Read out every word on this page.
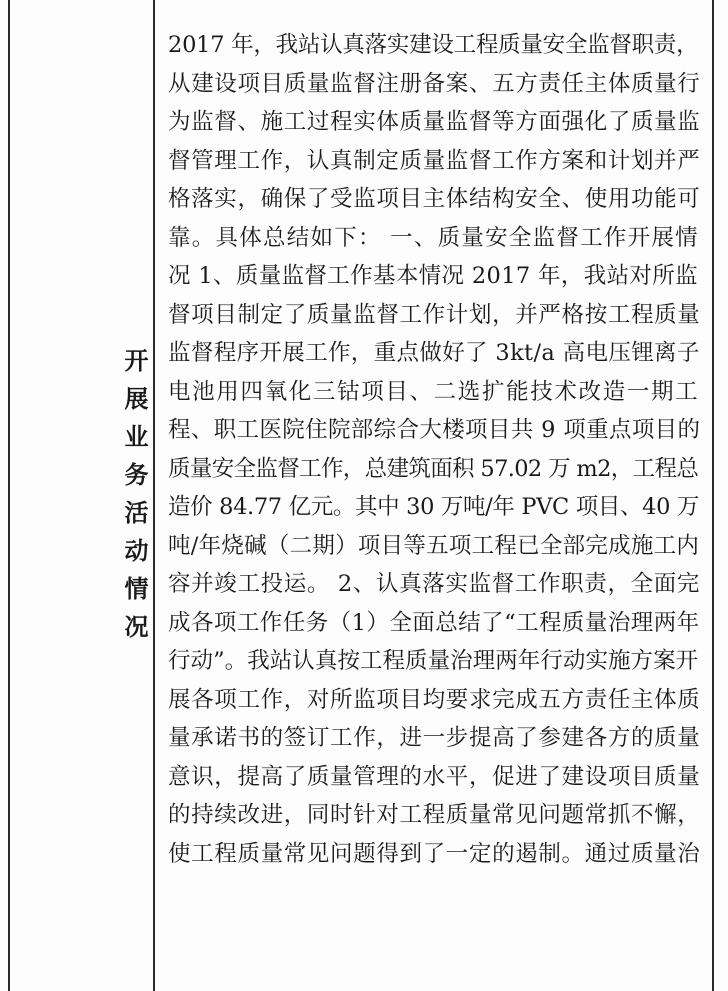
开展业务活动情况
2017 年，我站认真落实建设工程质量安全监督职责，
从建设项目质量监督注册备案、五方责任主体质量行
为监督、施工过程实体质量监督等方面强化了质量监
督管理工作，认真制定质量监督工作方案和计划并严
格落实，确保了受监项目主体结构安全、使用功能可
靠。具体总结如下： 一、质量安全监督工作开展情
况 1、质量监督工作基本情况 2017 年，我站对所监
督项目制定了质量监督工作计划，并严格按工程质量
监督程序开展工作，重点做好了 3kt/a 高电压锂离子
电池用四氧化三钴项目、二选扩能技术改造一期工
程、职工医院住院部综合大楼项目共 9 项重点项目的
质量安全监督工作，总建筑面积 57.02 万 m2，工程总
造价 84.77 亿元。其中 30 万吨/年 PVC 项目、40 万
吨/年烧碱（二期）项目等五项工程已全部完成施工内
容并竣工投运。 2、认真落实监督工作职责，全面完
成各项工作任务（1）全面总结了“工程质量治理两年
行动”。我站认真按工程质量治理两年行动实施方案开
展各项工作，对所监项目均要求完成五方责任主体质
量承诺书的签订工作，进一步提高了参建各方的质量
意识，提高了质量管理的水平，促进了建设项目质量
的持续改进，同时针对工程质量常见问题常抓不懈，
使工程质量常见问题得到了一定的遏制。通过质量治
